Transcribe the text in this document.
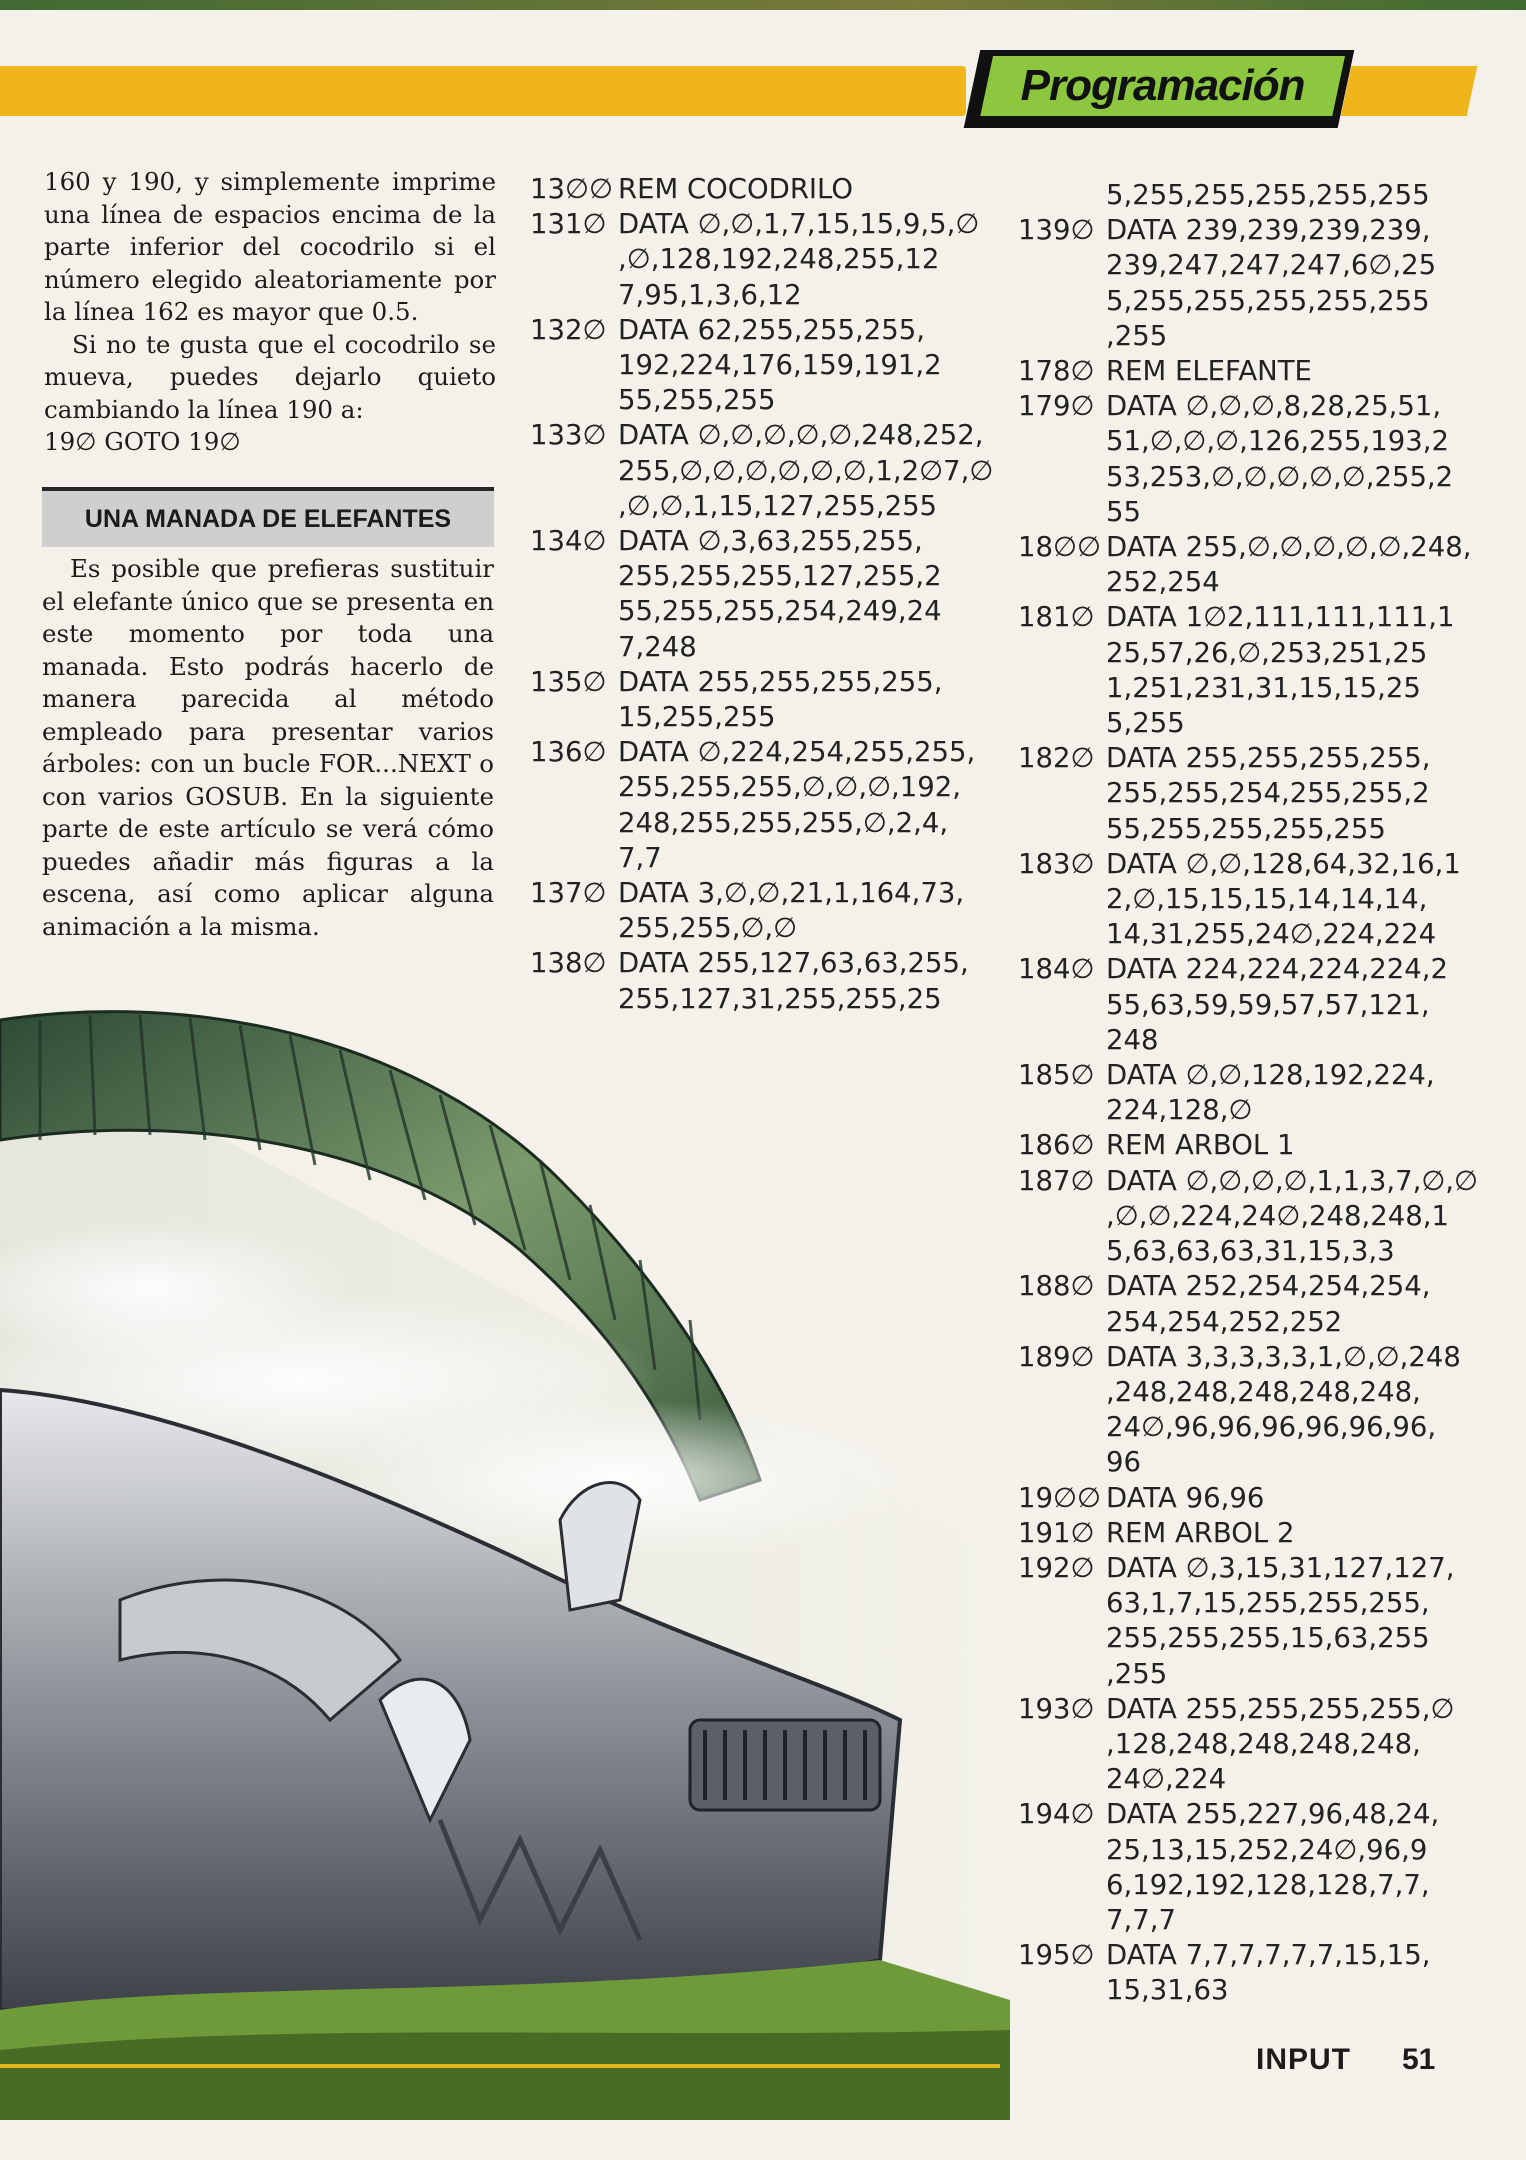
Programación

160 y 190, y simplemente imprime una línea de espacios encima de la parte inferior del cocodrilo si el número elegido aleatoriamente por la línea 162 es mayor que 0.5.

Si no te gusta que el cocodrilo se mueva, puedes dejarlo quieto cambiando la línea 190 a:

19∅ GOTO 19∅

UNA MANADA DE ELEFANTES

Es posible que prefieras sustituir el elefante único que se presenta en este momento por toda una manada. Esto podrás hacerlo de manera parecida al método empleado para presentar varios árboles: con un bucle FOR...NEXT o con varios GOSUB. En la siguiente parte de este artículo se verá cómo puedes añadir más figuras a la escena, así como aplicar alguna animación a la misma.

13∅∅ REM COCODRILO
131∅ DATA ∅,∅,1,7,15,15,9,5,∅
,∅,128,192,248,255,12
7,95,1,3,6,12
132∅ DATA 62,255,255,255,
192,224,176,159,191,2
55,255,255
133∅ DATA ∅,∅,∅,∅,∅,248,252,
255,∅,∅,∅,∅,∅,∅,1,2∅7,∅
,∅,∅,1,15,127,255,255
134∅ DATA ∅,3,63,255,255,
255,255,255,127,255,2
55,255,255,254,249,24
7,248
135∅ DATA 255,255,255,255,
15,255,255
136∅ DATA ∅,224,254,255,255,
255,255,255,∅,∅,∅,192,
248,255,255,255,∅,2,4,
7,7
137∅ DATA 3,∅,∅,21,1,164,73,
255,255,∅,∅
138∅ DATA 255,127,63,63,255,
255,127,31,255,255,25
5,255,255,255,255,255
139∅ DATA 239,239,239,239,
239,247,247,247,6∅,25
5,255,255,255,255,255
,255
178∅ REM ELEFANTE
179∅ DATA ∅,∅,∅,8,28,25,51,
51,∅,∅,∅,126,255,193,2
53,253,∅,∅,∅,∅,∅,255,2
55
18∅∅ DATA 255,∅,∅,∅,∅,∅,248,
252,254
181∅ DATA 1∅2,111,111,111,1
25,57,26,∅,253,251,25
1,251,231,31,15,15,25
5,255
182∅ DATA 255,255,255,255,
255,255,254,255,255,2
55,255,255,255,255
183∅ DATA ∅,∅,128,64,32,16,1
2,∅,15,15,15,14,14,14,
14,31,255,24∅,224,224
184∅ DATA 224,224,224,224,2
55,63,59,59,57,57,121,
248
185∅ DATA ∅,∅,128,192,224,
224,128,∅
186∅ REM ARBOL 1
187∅ DATA ∅,∅,∅,∅,1,1,3,7,∅,∅
,∅,∅,224,24∅,248,248,1
5,63,63,63,31,15,3,3
188∅ DATA 252,254,254,254,
254,254,252,252
189∅ DATA 3,3,3,3,3,1,∅,∅,248
,248,248,248,248,248,
24∅,96,96,96,96,96,96,
96
19∅∅ DATA 96,96
191∅ REM ARBOL 2
192∅ DATA ∅,3,15,31,127,127,
63,1,7,15,255,255,255,
255,255,255,15,63,255
,255
193∅ DATA 255,255,255,255,∅
,128,248,248,248,248,
24∅,224
194∅ DATA 255,227,96,48,24,
25,13,15,252,24∅,96,9
6,192,192,128,128,7,7,
7,7,7
195∅ DATA 7,7,7,7,7,7,15,15,
15,31,63
INPUT 51
